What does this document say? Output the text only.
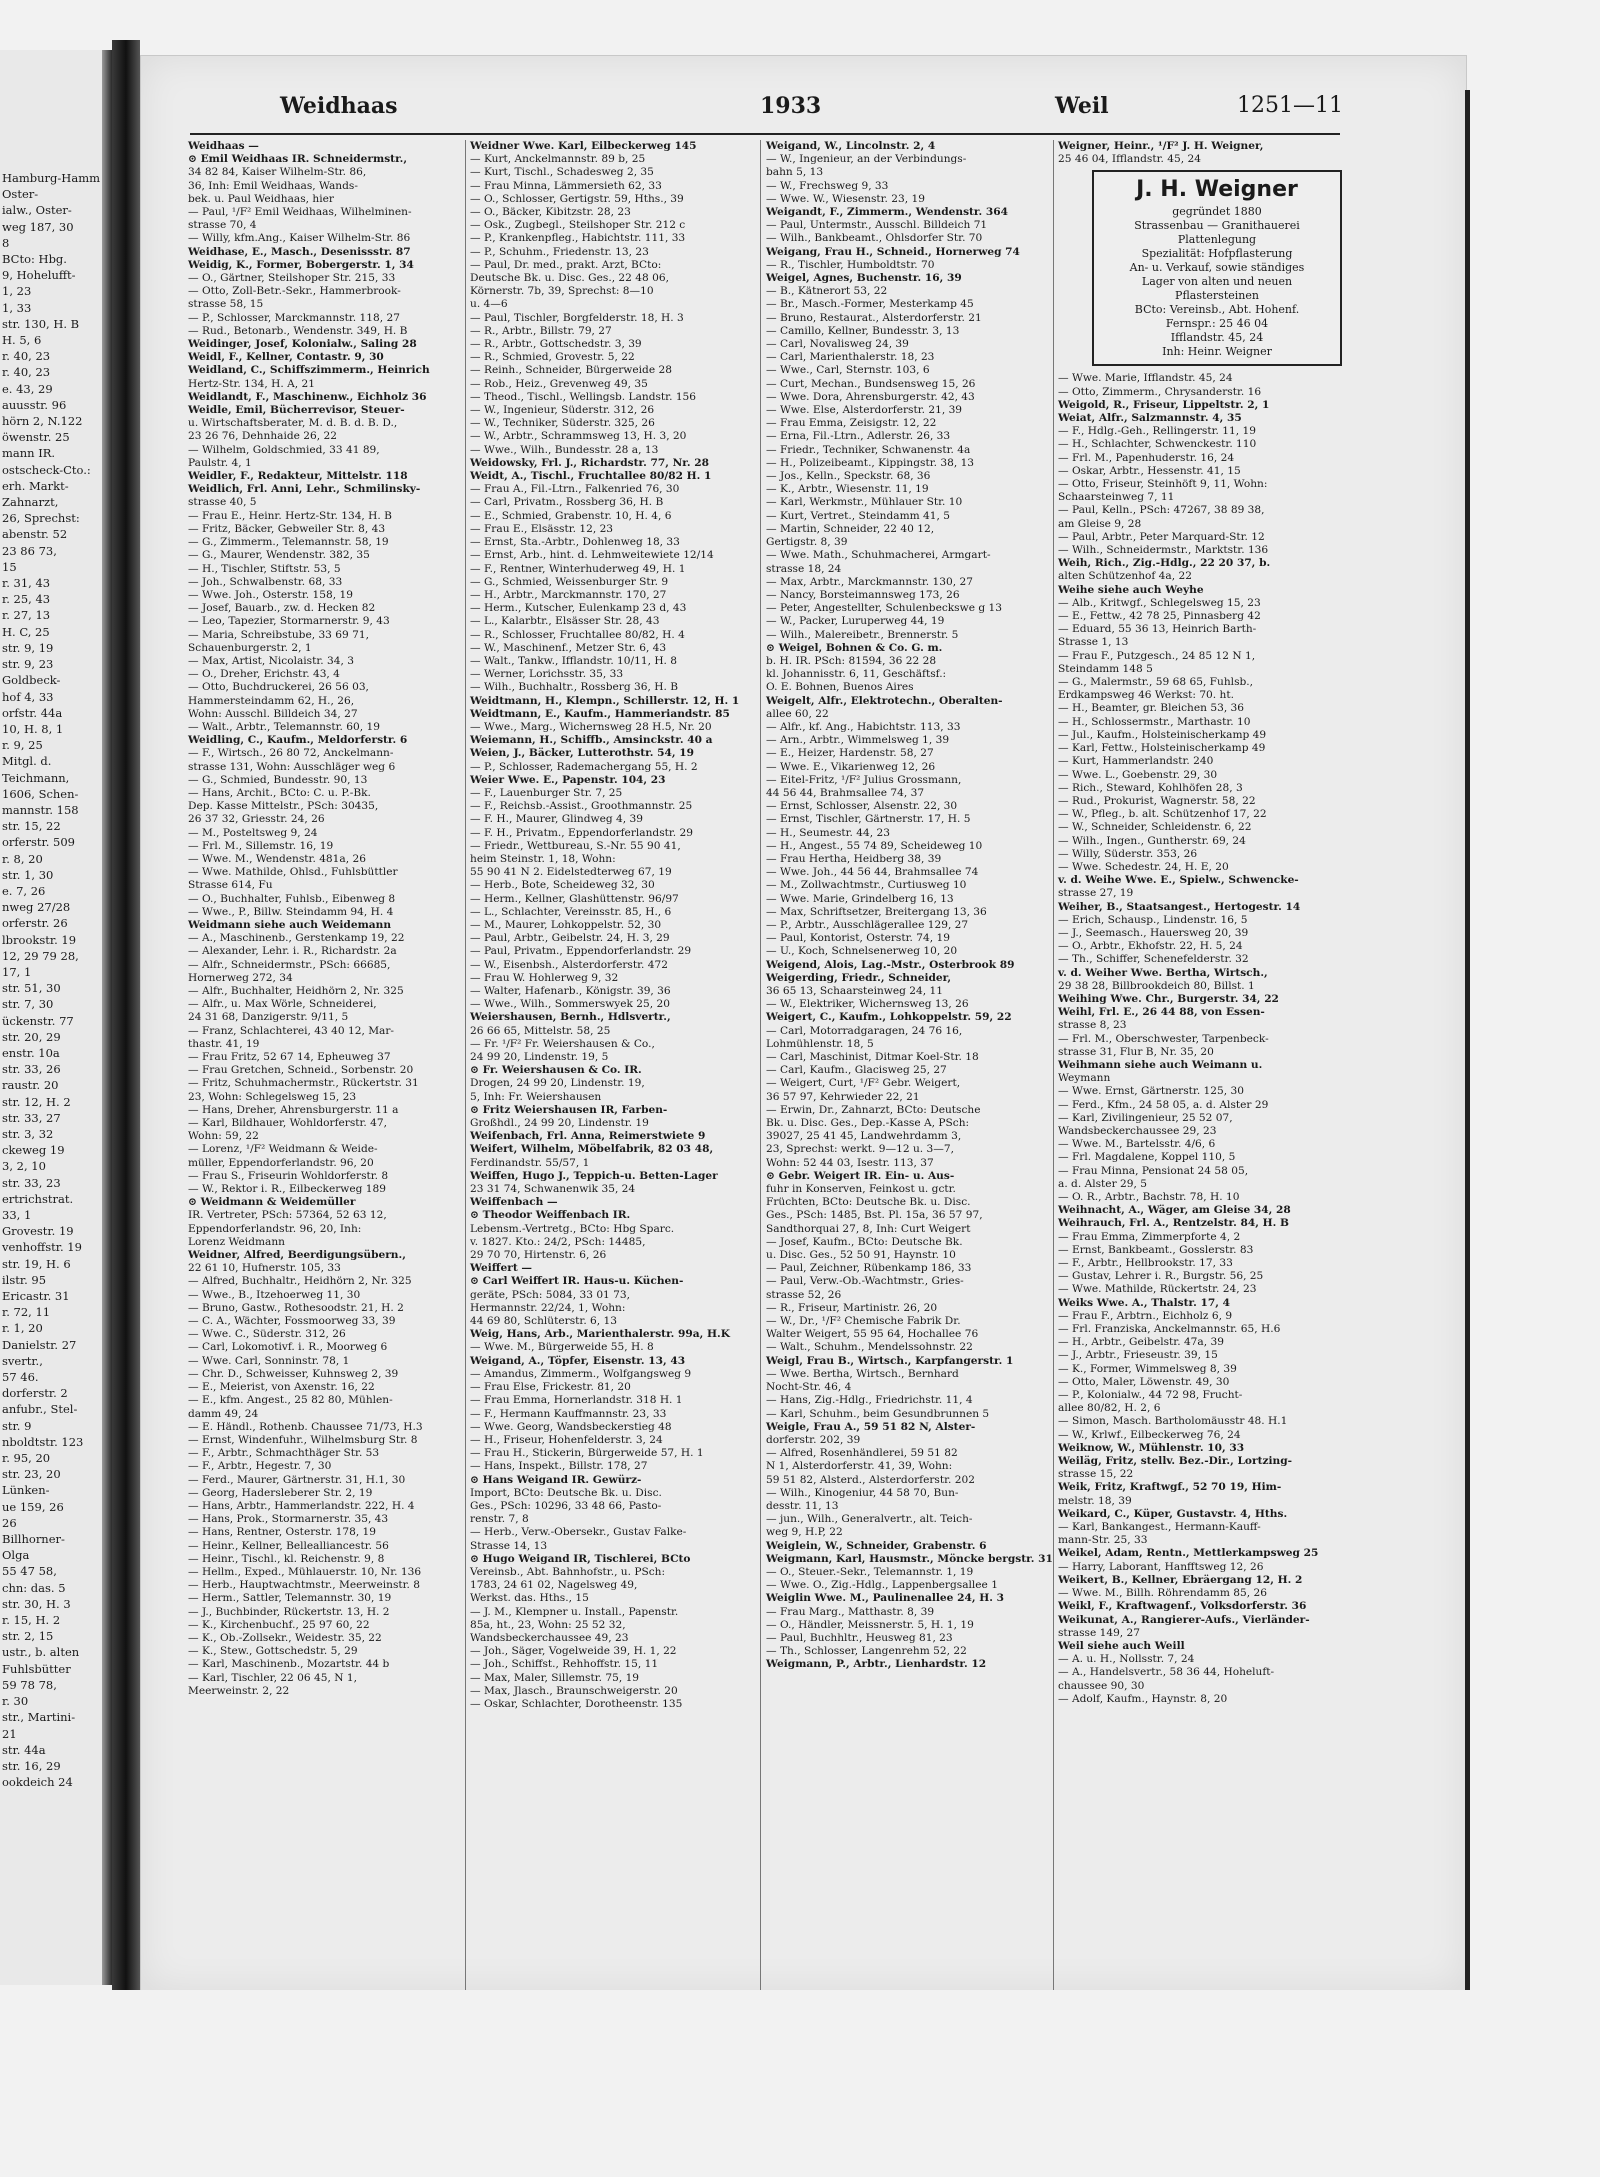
Hamburg-Hamm
Oster-
ialw., Oster-
weg 187, 30
8
BCto: Hbg.
9, Hohelufft-
1, 23
1, 33
str. 130, H. B
H. 5, 6
r. 40, 23
r. 40, 23
e. 43, 29
auusstr. 96
hörn 2, N.122
öwenstr. 25
mann IR.
ostscheck-Cto.:
erh. Markt-
Zahnarzt,
26, Sprechst:
abenstr. 52
23 86 73,
15
r. 31, 43
r. 25, 43
r. 27, 13
H. C, 25
str. 9, 19
str. 9, 23
Goldbeck-
hof 4, 33
orfstr. 44a
10, H. 8, 1
r. 9, 25
Mitgl. d.
Teichmann,
1606, Schen-
mannstr. 158
str. 15, 22
orferstr. 509
r. 8, 20
str. 1, 30
e. 7, 26
nweg 27/28
orferstr. 26
lbrookstr. 19
12, 29 79 28,
17, 1
str. 51, 30
str. 7, 30
ückenstr. 77
str. 20, 29
enstr. 10a
str. 33, 26
raustr. 20
str. 12, H. 2
str. 33, 27
str. 3, 32
ckeweg 19
3, 2, 10
str. 33, 23
ertrichstrat.
33, 1
Grovestr. 19
venhoffstr. 19
str. 19, H. 6
ilstr. 95
Ericastr. 31
r. 72, 11
r. 1, 20
Danielstr. 27
svertr.,
57 46.
dorferstr. 2
anfubr., Stel-
str. 9
nboldtstr. 123
r. 95, 20
str. 23, 20
Lünken-
ue 159, 26
26
Billhorner-
Olga
55 47 58,
chn: das. 5
str. 30, H. 3
r. 15, H. 2
str. 2, 15
ustr., b. alten
Fuhlsbütter
59 78 78,
r. 30
str., Martini-
21
str. 44a
str. 16, 29
ookdeich 24
Weidhaas	1933	Weil	1251—11
Weidhaas —
⊙ Emil Weidhaas IR. Schneidermstr.,
34 82 84, Kaiser Wilhelm-Str. 86,
36, Inh: Emil Weidhaas, Wands-
bek. u. Paul Weidhaas, hier
— Paul, ¹/F² Emil Weidhaas, Wilhelminen-
strasse 70, 4
— Willy, kfm.Ang., Kaiser Wilhelm-Str. 86
Weidhase, E., Masch., Desenissstr. 87
Weidig, K., Former, Bobergerstr. 1, 34
— O., Gärtner, Steilshoper Str. 215, 33
— Otto, Zoll-Betr.-Sekr., Hammerbrook-
strasse 58, 15
— P., Schlosser, Marckmannstr. 118, 27
— Rud., Betonarb., Wendenstr. 349, H. B
Weidinger, Josef, Kolonialw., Saling 28
Weidl, F., Kellner, Contastr. 9, 30
Weidland, C., Schiffszimmerm., Heinrich
Hertz-Str. 134, H. A, 21
Weidlandt, F., Maschinenw., Eichholz 36
Weidle, Emil, Bücherrevisor, Steuer-
u. Wirtschaftsberater, M. d. B. d. B. D.,
23 26 76, Dehnhaide 26, 22
— Wilhelm, Goldschmied, 33 41 89,
Paulstr. 4, 1
Weidler, F., Redakteur, Mittelstr. 118
Weidlich, Frl. Anni, Lehr., Schmilinsky-
strasse 40, 5
— Frau E., Heinr. Hertz-Str. 134, H. B
— Fritz, Bäcker, Gebweiler Str. 8, 43
— G., Zimmerm., Telemannstr. 58, 19
— G., Maurer, Wendenstr. 382, 35
— H., Tischler, Stiftstr. 53, 5
— Joh., Schwalbenstr. 68, 33
— Wwe. Joh., Osterstr. 158, 19
— Josef, Bauarb., zw. d. Hecken 82
— Leo, Tapezier, Stormarnerstr. 9, 43
— Maria, Schreibstube, 33 69 71,
Schauenburgerstr. 2, 1
— Max, Artist, Nicolaistr. 34, 3
— O., Dreher, Erichstr. 43, 4
— Otto, Buchdruckerei, 26 56 03,
Hammersteindamm 62, H., 26,
Wohn: Ausschl. Billdeich 34, 27
— Walt., Arbtr., Telemannstr. 60, 19
Weidling, C., Kaufm., Meldorferstr. 6
— F., Wirtsch., 26 80 72, Anckelmann-
strasse 131, Wohn: Ausschläger weg 6
— G., Schmied, Bundesstr. 90, 13
— Hans, Archit., BCto: C. u. P.-Bk.
Dep. Kasse Mittelstr., PSch: 30435,
26 37 32, Griesstr. 24, 26
— M., Posteltsweg 9, 24
— Frl. M., Sillemstr. 16, 19
— Wwe. M., Wendenstr. 481a, 26
— Wwe. Mathilde, Ohlsd., Fuhlsbüttler
Strasse 614, Fu
— O., Buchhalter, Fuhlsb., Eibenweg 8
— Wwe., P., Billw. Steindamm 94, H. 4
Weidmann siehe auch Weidemann
— A., Maschinenb., Gerstenkamp 19, 22
— Alexander, Lehr. i. R., Richardstr. 2a
— Alfr., Schneidermstr., PSch: 66685,
Hornerweg 272, 34
— Alfr., Buchhalter, Heidhörn 2, Nr. 325
— Alfr., u. Max Wörle, Schneiderei,
24 31 68, Danzigerstr. 9/11, 5
— Franz, Schlachterei, 43 40 12, Mar-
thastr. 41, 19
— Frau Fritz, 52 67 14, Epheuweg 37
— Frau Gretchen, Schneid., Sorbenstr. 20
— Fritz, Schuhmachermstr., Rückertstr. 31
23, Wohn: Schlegelsweg 15, 23
— Hans, Dreher, Ahrensburgerstr. 11 a
— Karl, Bildhauer, Wohldorferstr. 47,
Wohn: 59, 22
— Lorenz, ¹/F² Weidmann & Weide-
müller, Eppendorferlandstr. 96, 20
— Frau S., Friseurin Wohldorferstr. 8
— W., Rektor i. R., Eilbeckerweg 189
⊙ Weidmann & Weidemüller
IR. Vertreter, PSch: 57364, 52 63 12,
Eppendorferlandstr. 96, 20, Inh:
Lorenz Weidmann
Weidner, Alfred, Beerdigungsübern.,
22 61 10, Hufnerstr. 105, 33
— Alfred, Buchhaltr., Heidhörn 2, Nr. 325
— Wwe., B., Itzehoerweg 11, 30
— Bruno, Gastw., Rothesoodstr. 21, H. 2
— C. A., Wächter, Fossmoorweg 33, 39
— Wwe. C., Süderstr. 312, 26
— Carl, Lokomotivf. i. R., Moorweg 6
— Wwe. Carl, Sonninstr. 78, 1
— Chr. D., Schweisser, Kuhnsweg 2, 39
— E., Meierist, von Axenstr. 16, 22
— E., kfm. Angest., 25 82 80, Mühlen-
damm 49, 24
— E. Händl., Rothenb. Chaussee 71/73, H.3
— Ernst, Windenfuhr., Wilhelmsburg Str. 8
— F., Arbtr., Schmachthäger Str. 53
— F., Arbtr., Hegestr. 7, 30
— Ferd., Maurer, Gärtnerstr. 31, H.1, 30
— Georg, Hadersleberer Str. 2, 19
— Hans, Arbtr., Hammerlandstr. 222, H. 4
— Hans, Prok., Stormarnerstr. 35, 43
— Hans, Rentner, Osterstr. 178, 19
— Heinr., Kellner, Bellealliancestr. 56
— Heinr., Tischl., kl. Reichenstr. 9, 8
— Hellm., Exped., Mühlauerstr. 10, Nr. 136
— Herb., Hauptwachtmstr., Meerweinstr. 8
— Herm., Sattler, Telemannstr. 30, 19
— J., Buchbinder, Rückertstr. 13, H. 2
— K., Kirchenbuchf., 25 97 60, 22
— K., Ob.-Zollsekr., Weidestr. 35, 22
— K., Stew., Gottschedstr. 5, 29
— Karl, Maschinenb., Mozartstr. 44 b
— Karl, Tischler, 22 06 45, N 1,
Meerweinstr. 2, 22
Weidner Wwe. Karl, Eilbeckerweg 145
— Kurt, Anckelmannstr. 89 b, 25
— Kurt, Tischl., Schadesweg 2, 35
— Frau Minna, Lämmersieth 62, 33
— O., Schlosser, Gertigstr. 59, Hths., 39
— O., Bäcker, Kibitzstr. 28, 23
— Osk., Zugbegl., Steilshoper Str. 212 c
— P., Krankenpfleg., Habichtstr. 111, 33
— P., Schuhm., Friedenstr. 13, 23
— Paul, Dr. med., prakt. Arzt, BCto:
Deutsche Bk. u. Disc. Ges., 22 48 06,
Körnerstr. 7b, 39, Sprechst: 8—10
u. 4—6
— Paul, Tischler, Borgfelderstr. 18, H. 3
— R., Arbtr., Billstr. 79, 27
— R., Arbtr., Gottschedstr. 3, 39
— R., Schmied, Grovestr. 5, 22
— Reinh., Schneider, Bürgerweide 28
— Rob., Heiz., Grevenweg 49, 35
— Theod., Tischl., Wellingsb. Landstr. 156
— W., Ingenieur, Süderstr. 312, 26
— W., Techniker, Süderstr. 325, 26
— W., Arbtr., Schrammsweg 13, H. 3, 20
— Wwe., Wilh., Bundesstr. 28 a, 13
Weidowsky, Frl. J., Richardstr. 77, Nr. 28
Weidt, A., Tischl., Fruchtallee 80/82 H. 1
— Frau A., Fil.-Ltrn., Falkenried 76, 30
— Carl, Privatm., Rossberg 36, H. B
— E., Schmied, Grabenstr. 10, H. 4, 6
— Frau E., Elsässtr. 12, 23
— Ernst, Sta.-Arbtr., Dohlenweg 18, 33
— Ernst, Arb., hint. d. Lehmweitewiete 12/14
— F., Rentner, Winterhuderweg 49, H. 1
— G., Schmied, Weissenburger Str. 9
— H., Arbtr., Marckmannstr. 170, 27
— Herm., Kutscher, Eulenkamp 23 d, 43
— L., Kalarbtr., Elsässer Str. 28, 43
— R., Schlosser, Fruchtallee 80/82, H. 4
— W., Maschinenf., Metzer Str. 6, 43
— Walt., Tankw., Ifflandstr. 10/11, H. 8
— Werner, Lorichsstr. 35, 33
— Wilh., Buchhaltr., Rossberg 36, H. B
Weidtmann, H., Klempn., Schillerstr. 12, H. 1
Weidtmann, E., Kaufm., Hammeriandstr. 85
— Wwe., Marg., Wichernsweg 28 H.5, Nr. 20
Weiemann, H., Schiffb., Amsinckstr. 40 a
Weien, J., Bäcker, Lutterothstr. 54, 19
— P., Schlosser, Rademachergang 55, H. 2
Weier Wwe. E., Papenstr. 104, 23
— F., Lauenburger Str. 7, 25
— F., Reichsb.-Assist., Groothmannstr. 25
— F. H., Maurer, Glindweg 4, 39
— F. H., Privatm., Eppendorferlandstr. 29
— Friedr., Wettbureau, S.-Nr. 55 90 41,
heim Steinstr. 1, 18, Wohn:
55 90 41 N 2. Eidelstedterweg 67, 19
— Herb., Bote, Scheideweg 32, 30
— Herm., Kellner, Glashüttenstr. 96/97
— L., Schlachter, Vereinsstr. 85, H., 6
— M., Maurer, Lohkoppelstr. 52, 30
— Paul, Arbtr., Geibelstr. 24, H. 3, 29
— Paul, Privatm., Eppendorferlandstr. 29
— W., Eisenbsh., Alsterdorferstr. 472
— Frau W. Hohlerweg 9, 32
— Walter, Hafenarb., Königstr. 39, 36
— Wwe., Wilh., Sommerswyek 25, 20
Weiershausen, Bernh., Hdlsvertr.,
26 66 65, Mittelstr. 58, 25
— Fr. ¹/F² Fr. Weiershausen & Co.,
24 99 20, Lindenstr. 19, 5
⊙ Fr. Weiershausen & Co. IR.
Drogen, 24 99 20, Lindenstr. 19,
5, Inh: Fr. Weiershausen
⊙ Fritz Weiershausen IR, Farben-
Großhdl., 24 99 20, Lindenstr. 19
Weifenbach, Frl. Anna, Reimerstwiete 9
Weifert, Wilhelm, Möbelfabrik, 82 03 48,
Ferdinandstr. 55/57, 1
Weiffen, Hugo J., Teppich-u. Betten-Lager
23 31 74, Schwanenwik 35, 24
Weiffenbach —
⊙ Theodor Weiffenbach IR.
Lebensm.-Vertretg., BCto: Hbg Sparc.
v. 1827. Kto.: 24/2, PSch: 14485,
29 70 70, Hirtenstr. 6, 26
Weiffert —
⊙ Carl Weiffert IR. Haus-u. Küchen-
geräte, PSch: 5084, 33 01 73,
Hermannstr. 22/24, 1, Wohn:
44 69 80, Schlüterstr. 6, 13
Weig, Hans, Arb., Marienthalerstr. 99a, H.K
— Wwe. M., Bürgerweide 55, H. 8
Weigand, A., Töpfer, Eisenstr. 13, 43
— Amandus, Zimmerm., Wolfgangsweg 9
— Frau Else, Frickestr. 81, 20
— Frau Emma, Hornerlandstr. 318 H. 1
— F., Hermann Kauffmannstr. 23, 33
— Wwe. Georg, Wandsbeckerstieg 48
— H., Friseur, Hohenfelderstr. 3, 24
— Frau H., Stickerin, Bürgerweide 57, H. 1
— Hans, Inspekt., Billstr. 178, 27
⊙ Hans Weigand IR. Gewürz-
Import, BCto: Deutsche Bk. u. Disc.
Ges., PSch: 10296, 33 48 66, Pasto-
renstr. 7, 8
— Herb., Verw.-Obersekr., Gustav Falke-
Strasse 14, 13
⊙ Hugo Weigand IR, Tischlerei, BCto
Vereinsb., Abt. Bahnhofstr., u. PSch:
1783, 24 61 02, Nagelsweg 49,
Werkst. das. Hths., 15
— J. M., Klempner u. Install., Papenstr.
85a, ht., 23, Wohn: 25 52 32,
Wandsbeckerchaussee 49, 23
— Joh., Säger, Vogelweide 39, H. 1, 22
— Joh., Schiffst., Rehhoffstr. 15, 11
— Max, Maler, Sillemstr. 75, 19
— Max, Jlasch., Braunschweigerstr. 20
— Oskar, Schlachter, Dorotheenstr. 135
Weigand, W., Lincolnstr. 2, 4
— W., Ingenieur, an der Verbindungs-
bahn 5, 13
— W., Frechsweg 9, 33
— Wwe. W., Wiesenstr. 23, 19
Weigandt, F., Zimmerm., Wendenstr. 364
— Paul, Untermstr., Ausschl. Billdeich 71
— Wilh., Bankbeamt., Ohlsdorfer Str. 70
Weigang, Frau H., Schneid., Hornerweg 74
— R., Tischler, Humboldtstr. 70
Weigel, Agnes, Buchenstr. 16, 39
— B., Kätnerort 53, 22
— Br., Masch.-Former, Mesterkamp 45
— Bruno, Restaurat., Alsterdorferstr. 21
— Camillo, Kellner, Bundesstr. 3, 13
— Carl, Novalisweg 24, 39
— Carl, Marienthalerstr. 18, 23
— Wwe., Carl, Sternstr. 103, 6
— Curt, Mechan., Bundsensweg 15, 26
— Wwe. Dora, Ahrensburgerstr. 42, 43
— Wwe. Else, Alsterdorferstr. 21, 39
— Frau Emma, Zeisigstr. 12, 22
— Erna, Fil.-Ltrn., Adlerstr. 26, 33
— Friedr., Techniker, Schwanenstr. 4a
— H., Polizeibeamt., Kippingstr. 38, 13
— Jos., Kelln., Speckstr. 68, 36
— K., Arbtr., Wiesenstr. 11, 19
— Karl, Werkmstr., Mühlauer Str. 10
— Kurt, Vertret., Steindamm 41, 5
— Martin, Schneider, 22 40 12,
Gertigstr. 8, 39
— Wwe. Math., Schuhmacherei, Armgart-
strasse 18, 24
— Max, Arbtr., Marckmannstr. 130, 27
— Nancy, Borsteimannsweg 173, 26
— Peter, Angestellter, Schulenbeckswe g 13
— W., Packer, Luruperweg 44, 19
— Wilh., Malereibetr., Brennerstr. 5
⊙ Weigel, Bohnen & Co. G. m.
b. H. IR. PSch: 81594, 36 22 28
kl. Johannisstr. 6, 11, Geschäftsf.:
O. E. Bohnen, Buenos Aires
Weigelt, Alfr., Elektrotechn., Oberalten-
allee 60, 22
— Alfr., kf. Ang., Habichtstr. 113, 33
— Arn., Arbtr., Wimmelsweg 1, 39
— E., Heizer, Hardenstr. 58, 27
— Wwe. E., Vikarienweg 12, 26
— Eitel-Fritz, ¹/F² Julius Grossmann,
44 56 44, Brahmsallee 74, 37
— Ernst, Schlosser, Alsenstr. 22, 30
— Ernst, Tischler, Gärtnerstr. 17, H. 5
— H., Seumestr. 44, 23
— H., Angest., 55 74 89, Scheideweg 10
— Frau Hertha, Heidberg 38, 39
— Wwe. Joh., 44 56 44, Brahmsallee 74
— M., Zollwachtmstr., Curtiusweg 10
— Wwe. Marie, Grindelberg 16, 13
— Max, Schriftsetzer, Breitergang 13, 36
— P., Arbtr., Ausschlägerallee 129, 27
— Paul, Kontorist, Osterstr. 74, 19
— U., Koch, Schnelsenerweg 10, 20
Weigend, Alois, Lag.-Mstr., Osterbrook 89
Weigerding, Friedr., Schneider,
36 65 13, Schaarsteinweg 24, 11
— W., Elektriker, Wichernsweg 13, 26
Weigert, C., Kaufm., Lohkoppelstr. 59, 22
— Carl, Motorradgaragen, 24 76 16,
Lohmühlenstr. 18, 5
— Carl, Maschinist, Ditmar Koel-Str. 18
— Carl, Kaufm., Glacisweg 25, 27
— Weigert, Curt, ¹/F² Gebr. Weigert,
36 57 97, Kehrwieder 22, 21
— Erwin, Dr., Zahnarzt, BCto: Deutsche
Bk. u. Disc. Ges., Dep.-Kasse A, PSch:
39027, 25 41 45, Landwehrdamm 3,
23, Sprechst: werkt. 9—12 u. 3—7,
Wohn: 52 44 03, Isestr. 113, 37
⊙ Gebr. Weigert IR. Ein- u. Aus-
fuhr in Konserven, Feinkost u. gctr.
Früchten, BCto: Deutsche Bk. u. Disc.
Ges., PSch: 1485, Bst. Pl. 15a, 36 57 97,
Sandthorquai 27, 8, Inh: Curt Weigert
— Josef, Kaufm., BCto: Deutsche Bk.
u. Disc. Ges., 52 50 91, Haynstr. 10
— Paul, Zeichner, Rübenkamp 186, 33
— Paul, Verw.-Ob.-Wachtmstr., Gries-
strasse 52, 26
— R., Friseur, Martinistr. 26, 20
— W., Dr., ¹/F² Chemische Fabrik Dr.
Walter Weigert, 55 95 64, Hochallee 76
— Walt., Schuhm., Mendelssohnstr. 22
Weigl, Frau B., Wirtsch., Karpfangerstr. 1
— Wwe. Bertha, Wirtsch., Bernhard
Nocht-Str. 46, 4
— Hans, Zig.-Hdlg., Friedrichstr. 11, 4
— Karl, Schuhm., beim Gesundbrunnen 5
Weigle, Frau A., 59 51 82 N, Alster-
dorferstr. 202, 39
— Alfred, Rosenhändlerei, 59 51 82
N 1, Alsterdorferstr. 41, 39, Wohn:
59 51 82, Alsterd., Alsterdorferstr. 202
— Wilh., Kinogeniur, 44 58 70, Bun-
desstr. 11, 13
— jun., Wilh., Generalvertr., alt. Teich-
weg 9, H.P, 22
Weiglein, W., Schneider, Grabenstr. 6
Weigmann, Karl, Hausmstr., Möncke bergstr. 31
— O., Steuer.-Sekr., Telemannstr. 1, 19
— Wwe. O., Zig.-Hdlg., Lappenbergsallee 1
Weiglin Wwe. M., Paulinenallee 24, H. 3
— Frau Marg., Matthastr. 8, 39
— O., Händler, Meissnerstr. 5, H. 1, 19
— Paul, Buchhltr., Heusweg 81, 23
— Th., Schlosser, Langenrehm 52, 22
Weigmann, P., Arbtr., Lienhardstr. 12
Weigner, Heinr., ¹/F² J. H. Weigner,
25 46 04, Ifflandstr. 45, 24
J. H. Weigner
gegründet 1880
Strassenbau — Granithauerei
Plattenlegung
Spezialität: Hofpflasterung
An- u. Verkauf, sowie ständiges
Lager von alten und neuen
Pflastersteinen
BCto: Vereinsb., Abt. Hohenf.
Fernspr.: 25 46 04
Ifflandstr. 45, 24
Inh: Heinr. Weigner
— Wwe. Marie, Ifflandstr. 45, 24
— Otto, Zimmerm., Chrysanderstr. 16
Weigold, R., Friseur, Lippeltstr. 2, 1
Weiat, Alfr., Salzmannstr. 4, 35
— F., Hdlg.-Geh., Rellingerstr. 11, 19
— H., Schlachter, Schwenckestr. 110
— Frl. M., Papenhuderstr. 16, 24
— Oskar, Arbtr., Hessenstr. 41, 15
— Otto, Friseur, Steinhöft 9, 11, Wohn:
Schaarsteinweg 7, 11
— Paul, Kelln., PSch: 47267, 38 89 38,
am Gleise 9, 28
— Paul, Arbtr., Peter Marquard-Str. 12
— Wilh., Schneidermstr., Marktstr. 136
Weih, Rich., Zig.-Hdlg., 22 20 37, b.
alten Schützenhof 4a, 22
Weihe siehe auch Weyhe
— Alb., Kritwgf., Schlegelsweg 15, 23
— E., Fettw., 42 78 25, Pinnasberg 42
— Eduard, 55 36 13, Heinrich Barth-
Strasse 1, 13
— Frau F., Putzgesch., 24 85 12 N 1,
Steindamm 148 5
— G., Malermstr., 59 68 65, Fuhlsb.,
Erdkampsweg 46 Werkst: 70. ht.
— H., Beamter, gr. Bleichen 53, 36
— H., Schlossermstr., Marthastr. 10
— Jul., Kaufm., Holsteinischerkamp 49
— Karl, Fettw., Holsteinischerkamp 49
— Kurt, Hammerlandstr. 240
— Wwe. L., Goebenstr. 29, 30
— Rich., Steward, Kohlhöfen 28, 3
— Rud., Prokurist, Wagnerstr. 58, 22
— W., Pfleg., b. alt. Schützenhof 17, 22
— W., Schneider, Schleidenstr. 6, 22
— Wilh., Ingen., Guntherstr. 69, 24
— Willy, Süderstr. 353, 26
— Wwe. Schedestr. 24, H. E, 20
v. d. Weihe Wwe. E., Spielw., Schwencke-
strasse 27, 19
Weiher, B., Staatsangest., Hertogestr. 14
— Erich, Schausp., Lindenstr. 16, 5
— J., Seemasch., Hauersweg 20, 39
— O., Arbtr., Ekhofstr. 22, H. 5, 24
— Th., Schiffer, Schenefelderstr. 32
v. d. Weiher Wwe. Bertha, Wirtsch.,
29 38 28, Billbrookdeich 80, Billst. 1
Weihing Wwe. Chr., Burgerstr. 34, 22
Weihl, Frl. E., 26 44 88, von Essen-
strasse 8, 23
— Frl. M., Oberschwester, Tarpenbeck-
strasse 31, Flur B, Nr. 35, 20
Weihmann siehe auch Weimann u.
Weymann
— Wwe. Ernst, Gärtnerstr. 125, 30
— Ferd., Kfm., 24 58 05, a. d. Alster 29
— Karl, Zivilingenieur, 25 52 07,
Wandsbeckerchaussee 29, 23
— Wwe. M., Bartelsstr. 4/6, 6
— Frl. Magdalene, Koppel 110, 5
— Frau Minna, Pensionat 24 58 05,
a. d. Alster 29, 5
— O. R., Arbtr., Bachstr. 78, H. 10
Weihnacht, A., Wäger, am Gleise 34, 28
Weihrauch, Frl. A., Rentzelstr. 84, H. B
— Frau Emma, Zimmerpforte 4, 2
— Ernst, Bankbeamt., Gosslerstr. 83
— F., Arbtr., Hellbrookstr. 17, 33
— Gustav, Lehrer i. R., Burgstr. 56, 25
— Wwe. Mathilde, Rückertstr. 24, 23
Weiks Wwe. A., Thalstr. 17, 4
— Frau F., Arbtrn., Eichholz 6, 9
— Frl. Franziska, Anckelmannstr. 65, H.6
— H., Arbtr., Geibelstr. 47a, 39
— J., Arbtr., Frieseustr. 39, 15
— K., Former, Wimmelsweg 8, 39
— Otto, Maler, Löwenstr. 49, 30
— P., Kolonialw., 44 72 98, Frucht-
allee 80/82, H. 2, 6
— Simon, Masch. Bartholomäusstr 48. H.1
— W., Krlwf., Eilbeckerweg 76, 24
Weiknow, W., Mühlenstr. 10, 33
Weiläg, Fritz, stellv. Bez.-Dir., Lortzing-
strasse 15, 22
Weik, Fritz, Kraftwgf., 52 70 19, Him-
melstr. 18, 39
Weikard, C., Küper, Gustavstr. 4, Hths.
— Karl, Bankangest., Hermann-Kauff-
mann-Str. 25, 33
Weikel, Adam, Rentn., Mettlerkampsweg 25
— Harry, Laborant, Hanfftsweg 12, 26
Weikert, B., Kellner, Ebräergang 12, H. 2
— Wwe. M., Billh. Röhrendamm 85, 26
Weikl, F., Kraftwagenf., Volksdorferstr. 36
Weikunat, A., Rangierer-Aufs., Vierländer-
strasse 149, 27
Weil siehe auch Weill
— A. u. H., Nollsstr. 7, 24
— A., Handelsvertr., 58 36 44, Hoheluft-
chaussee 90, 30
— Adolf, Kaufm., Haynstr. 8, 20
